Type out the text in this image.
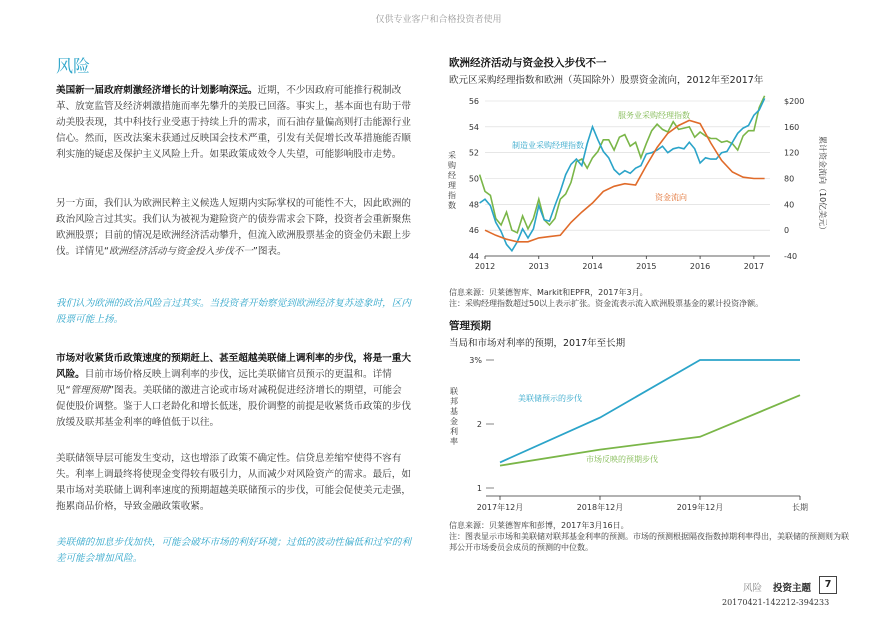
仅供专业客户和合格投资者使用
风险
美国新一届政府刺激经济增长的计划影响深远。近期，不少因政府可能推行税制改革、放宽监管及经济刺激措施而率先攀升的美股已回落。事实上，基本面也有助于带动美股表现，其中科技行业受惠于持续上升的需求，而石油存量偏高则打击能源行业信心。然而，医改法案未获通过反映国会技术严重，引发有关促增长改革措施能否顺利实施的疑虑及保护主义风险上升。如果政策成效令人失望，可能影响股市走势。
另一方面，我们认为欧洲民粹主义候选人短期内实际掌权的可能性不大，因此欧洲的政治风险言过其实。我们认为被视为避险资产的债券需求会下降，投资者会重新聚焦欧洲股票；目前的情况是欧洲经济活动攀升，但流入欧洲股票基金的资金仍未跟上步伐。详情见“欧洲经济活动与资金投入步伐不一”图表。
我们认为欧洲的政治风险言过其实。当投资者开始察觉到欧洲经济复苏迹象时，区内股票可能上扬。
市场对收紧货币政策速度的预期赶上、甚至超越美联储上调利率的步伐，将是一重大风险。目前市场价格反映上调利率的步伐，远比美联储官员预示的更温和。详情见“管理预期”图表。美联储的激进言论或市场对减税促进经济增长的期望，可能会促使股价调整。鉴于人口老龄化和增长低迷，股价调整的前提是收紧货币政策的步伐放缓及联邦基金利率的峰值低于以往。
美联储领导层可能发生变动，这也增添了政策不确定性。信贷息差缩窄使得不容有失。利率上调最终将使现金变得较有吸引力，从而减少对风险资产的需求。最后，如果市场对美联储上调利率速度的预期超越美联储预示的步伐，可能会促使美元走强，拖累商品价格，导致金融政策收紧。
美联储的加息步伐加快，可能会破坏市场的利好环境；过低的波动性偏低和过窄的利差可能会增加风险。
欧洲经济活动与资金投入步伐不一
欧元区采购经理指数和欧洲（英国除外）股票资金流向，2012年至2017年
44
46
48
50
52
54
56
-40
0
40
80
120
160
$200
2012	2013	2014	2015	2016	2017
采购经理指数	累计资金流向（10亿美元）
服务业采购经理指数
制造业采购经理指数
资金流向
信息来源：贝莱德智库、Markit和EPFR，2017年3月。
注：采购经理指数超过50以上表示扩张。资金流表示流入欧洲股票基金的累计投资净额。
管理预期
当局和市场对利率的预期，2017年至长期
1
2
3%
2017年12月	2018年12月	2019年12月	长期
联邦基金利率
美联储预示的步伐
市场反映的预期步伐
信息来源：贝莱德智库和彭博，2017年3月16日。
注：图表显示市场和美联储对联邦基金利率的预测。市场的预测根据隔夜指数掉期利率得出，美联储的预测则为联邦公开市场委员会成员的预测的中位数。
风险 投资主题	7
20170421-142212-394233
